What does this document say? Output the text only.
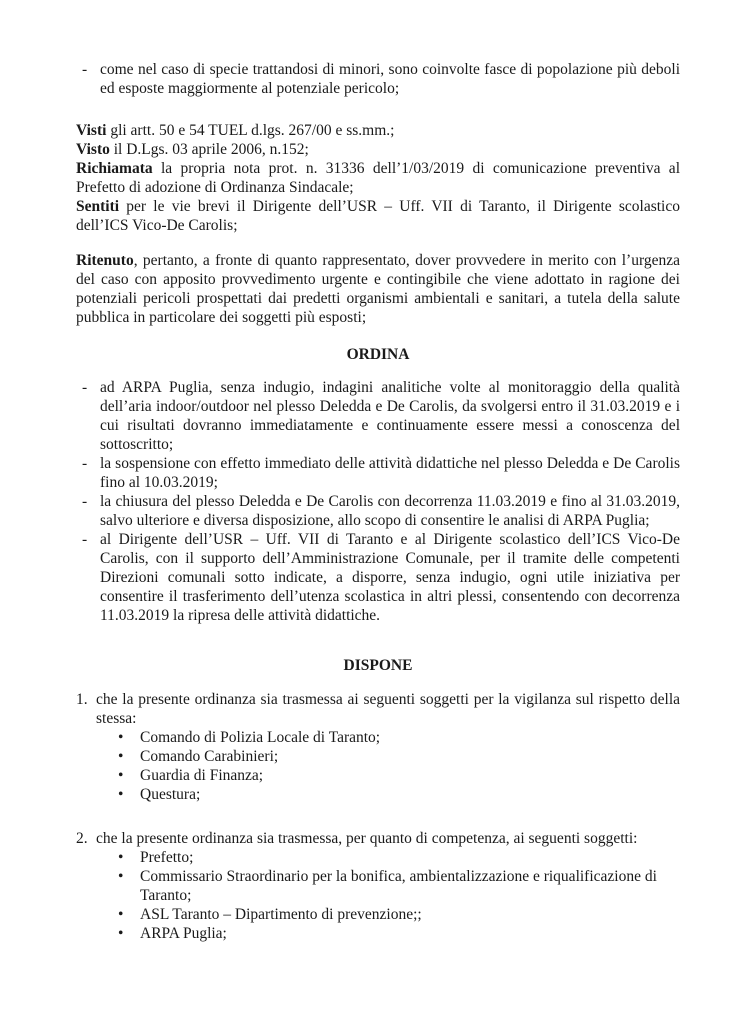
- come nel caso di specie trattandosi di minori, sono coinvolte fasce di popolazione più deboli ed esposte maggiormente al potenziale pericolo;

Visti gli artt. 50 e 54 TUEL d.lgs. 267/00 e ss.mm.;

Visto il D.Lgs. 03 aprile 2006, n.152;

Richiamata la propria nota prot. n. 31336 dell’1/03/2019 di comunicazione preventiva al Prefetto di adozione di Ordinanza Sindacale;

Sentiti per le vie brevi il Dirigente dell’USR – Uff. VII di Taranto, il Dirigente scolastico dell’ICS Vico-De Carolis;

Ritenuto, pertanto, a fronte di quanto rappresentato, dover provvedere in merito con l’urgenza del caso con apposito provvedimento urgente e contingibile che viene adottato in ragione dei potenziali pericoli prospettati dai predetti organismi ambientali e sanitari, a tutela della salute pubblica in particolare dei soggetti più esposti;

ORDINA
- ad ARPA Puglia, senza indugio, indagini analitiche volte al monitoraggio della qualità dell’aria indoor/outdoor nel plesso Deledda e De Carolis, da svolgersi entro il 31.03.2019 e i cui risultati dovranno immediatamente e continuamente essere messi a conoscenza del sottoscritto;
- la sospensione con effetto immediato delle attività didattiche nel plesso Deledda e De Carolis fino al 10.03.2019;
- la chiusura del plesso Deledda e De Carolis con decorrenza 11.03.2019 e fino al 31.03.2019, salvo ulteriore e diversa disposizione, allo scopo di consentire le analisi di ARPA Puglia;
- al Dirigente dell’USR – Uff. VII di Taranto e al Dirigente scolastico dell’ICS Vico-De Carolis, con il supporto dell’Amministrazione Comunale, per il tramite delle competenti Direzioni comunali sotto indicate, a disporre, senza indugio, ogni utile iniziativa per consentire il trasferimento dell’utenza scolastica in altri plessi, consentendo con decorrenza 11.03.2019 la ripresa delle attività didattiche.
DISPONE
1. che la presente ordinanza sia trasmessa ai seguenti soggetti per la vigilanza sul rispetto della stessa:
• Comando di Polizia Locale di Taranto;
• Comando Carabinieri;
• Guardia di Finanza;
• Questura;
2. che la presente ordinanza sia trasmessa, per quanto di competenza, ai seguenti soggetti:
• Prefetto;
• Commissario Straordinario per la bonifica, ambientalizzazione e riqualificazione di Taranto;
• ASL Taranto – Dipartimento di prevenzione;;
• ARPA Puglia;
